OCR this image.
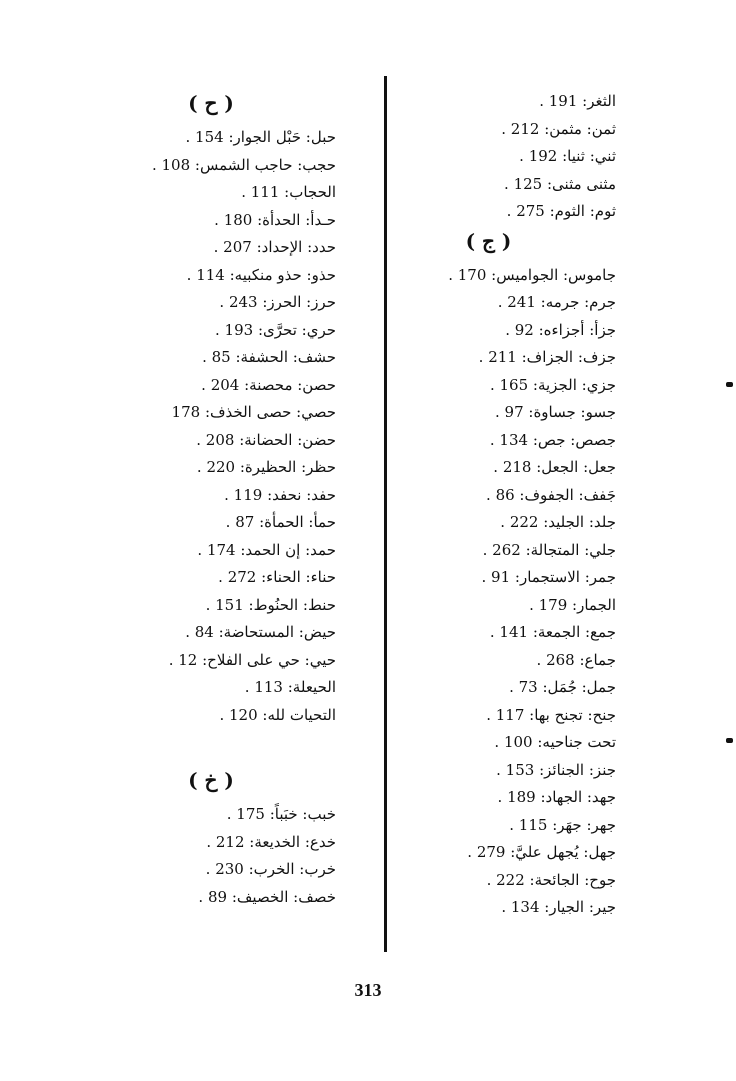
الثغر: 191 .
ثمن: مثمن: 212 .
ثني: ثنيا: 192 .
مثنى مثنى: 125 .
ثوم: الثوم: 275 .
( ج )
جاموس: الجواميس: 170 .
جرم: جرمه: 241 .
جزأ: أجزاءه: 92 .
جزف: الجزاف: 211 .
جزي: الجزية: 165 .
جسو: جساوة: 97 .
جصص: جص: 134 .
جعل: الجعل: 218 .
جَفف: الجفوف: 86 .
جلد: الجليد: 222 .
جلي: المتجالة: 262 .
جمر: الاستجمار: 91 .
الجمار: 179 .
جمع: الجمعة: 141 .
جماع: 268 .
جمل: جُمَل: 73 .
جنح: تجنح بها: 117 .
تحت جناحيه: 100 .
جنز: الجنائز: 153 .
جهد: الجهاد: 189 .
جهر: جهَر: 115 .
جهل: يُجهل عليَّ: 279 .
جوح: الجائحة: 222 .
جير: الجيار: 134 .
( ح )
حبل: حَبْل الجوار: 154 .
حجب: حاجب الشمس: 108 .
الحجاب: 111 .
حـدأ: الحدأة: 180 .
حدد: الإحداد: 207 .
حذو: حذو منكبيه: 114 .
حرز: الحرز: 243 .
حري: تحرَّى: 193 .
حشف: الحشفة: 85 .
حصن: محصنة: 204 .
حصي: حصى الخذف: 178
حضن: الحضانة: 208 .
حظر: الحظيرة: 220 .
حفد: نحفد: 119 .
حمأ: الحمأة: 87 .
حمد: إن الحمد: 174 .
حناء: الحناء: 272 .
حنط: الحنُوط: 151 .
حيض: المستحاضة: 84 .
حيي: حي على الفلاح: 12 .
الحيعلة: 113 .
التحيات لله: 120 .
( خ )
خبب: خبَباً: 175 .
خدع: الخديعة: 212 .
خرب: الخرب: 230 .
خصف: الخصيف: 89 .
313
